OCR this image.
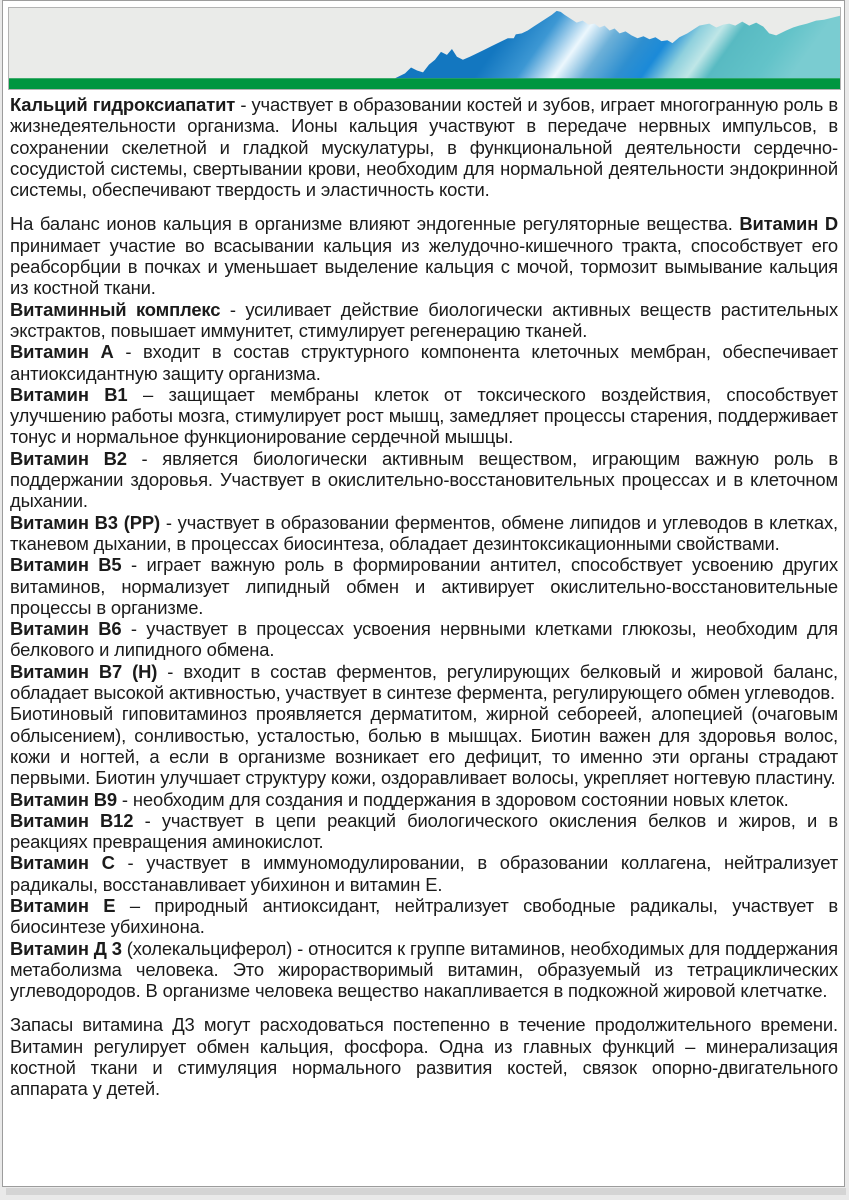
Кальций гидроксиапатит - участвует в образовании костей и зубов, играет многогранную роль в жизнедеятельности организма. Ионы кальция участвуют в передаче нервных импульсов, в сохранении скелетной и гладкой мускулатуры, в функциональной деятельности сердечно-сосудистой системы, свертывании крови, необходим для нормальной деятельности эндокринной системы, обеспечивают твердость и эластичность кости.

На баланс ионов кальция в организме влияют эндогенные регуляторные вещества. Витамин D принимает участие во всасывании кальция из желудочно-кишечного тракта, способствует его реабсорбции в почках и уменьшает выделение кальция с мочой, тормозит вымывание кальция из костной ткани.

Витаминный комплекс - усиливает действие биологически активных веществ растительных экстрактов, повышает иммунитет, стимулирует регенерацию тканей.

Витамин А - входит в состав структурного компонента клеточных мембран, обеспечивает антиоксидантную защиту организма.

Витамин В1 – защищает мембраны клеток от токсического воздействия, способствует улучшению работы мозга, стимулирует рост мышц, замедляет процессы старения, поддерживает тонус и нормальное функционирование сердечной мышцы.

Витамин В2 - является биологически активным веществом, играющим важную роль в поддержании здоровья. Участвует в окислительно-восстановительных процессах и в клеточном дыхании.

Витамин В3 (РР) - участвует в образовании ферментов, обмене липидов и углеводов в клетках, тканевом дыхании, в процессах биосинтеза, обладает дезинтоксикационными свойствами.

Витамин В5 - играет важную роль в формировании антител, способствует усвоению других витаминов, нормализует липидный обмен и активирует окислительно-восстановительные процессы в организме.

Витамин В6 - участвует в процессах усвоения нервными клетками глюкозы, необходим для белкового и липидного обмена.

Витамин В7 (Н) - входит в состав ферментов, регулирующих белковый и жировой баланс, обладает высокой активностью, участвует в синтезе фермента, регулирующего обмен углеводов.

Биотиновый гиповитаминоз проявляется дерматитом, жирной себореей, алопецией (очаговым облысением), сонливостью, усталостью, болью в мышцах. Биотин важен для здоровья волос, кожи и ногтей, а если в организме возникает его дефицит, то именно эти органы страдают первыми. Биотин улучшает структуру кожи, оздоравливает волосы, укрепляет ногтевую пластину.

Витамин В9 - необходим для создания и поддержания в здоровом состоянии новых клеток.

Витамин В12 - участвует в цепи реакций биологического окисления белков и жиров, и в реакциях превращения аминокислот.

Витамин С - участвует в иммуномодулировании, в образовании коллагена, нейтрализует радикалы, восстанавливает убихинон и витамин Е.

Витамин Е – природный антиоксидант, нейтрализует свободные радикалы, участвует в биосинтезе убихинона.

Витамин Д 3 (холекальциферол) - относится к группе витаминов, необходимых для поддержания метаболизма человека. Это жирорастворимый витамин, образуемый из тетрациклических углеводородов. В организме человека вещество накапливается в подкожной жировой клетчатке.

Запасы витамина Д3 могут расходоваться постепенно в течение продолжительного времени. Витамин регулирует обмен кальция, фосфора. Одна из главных функций – минерализация костной ткани и стимуляция нормального развития костей, связок опорно-двигательного аппарата у детей.
